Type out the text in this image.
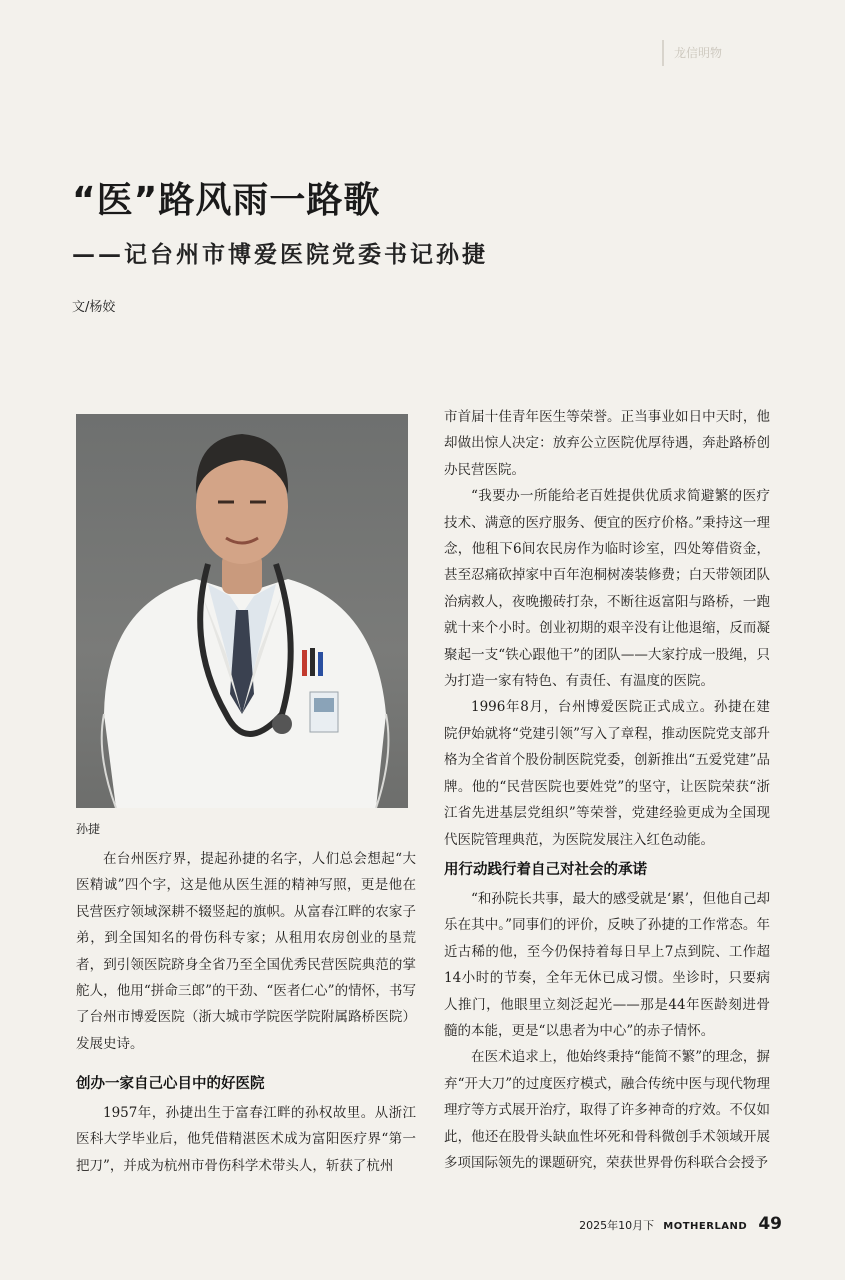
龙信明物
“医”路风雨一路歌
——记台州市博爱医院党委书记孙捷
文/杨姣
孙捷

在台州医疗界，提起孙捷的名字，人们总会想起“大医精诚”四个字，这是他从医生涯的精神写照，更是他在民营医疗领域深耕不辍竖起的旗帜。从富春江畔的农家子弟，到全国知名的骨伤科专家；从租用农房创业的垦荒者，到引领医院跻身全省乃至全国优秀民营医院典范的掌舵人，他用“拼命三郎”的干劲、“医者仁心”的情怀，书写了台州市博爱医院（浙大城市学院医学院附属路桥医院）发展史诗。

创办一家自己心目中的好医院

1957年，孙捷出生于富春江畔的孙权故里。从浙江医科大学毕业后，他凭借精湛医术成为富阳医疗界“第一把刀”，并成为杭州市骨伤科学术带头人，斩获了杭州

市首届十佳青年医生等荣誉。正当事业如日中天时，他却做出惊人决定：放弃公立医院优厚待遇，奔赴路桥创办民营医院。

“我要办一所能给老百姓提供优质求简避繁的医疗技术、满意的医疗服务、便宜的医疗价格。”秉持这一理念，他租下6间农民房作为临时诊室，四处筹借资金，甚至忍痛砍掉家中百年泡桐树凑装修费；白天带领团队治病救人，夜晚搬砖打杂，不断往返富阳与路桥，一跑就十来个小时。创业初期的艰辛没有让他退缩，反而凝聚起一支“铁心跟他干”的团队——大家拧成一股绳，只为打造一家有特色、有责任、有温度的医院。

1996年8月，台州博爱医院正式成立。孙捷在建院伊始就将“党建引领”写入了章程，推动医院党支部升格为全省首个股份制医院党委，创新推出“五爱党建”品牌。他的“民营医院也要姓党”的坚守，让医院荣获“浙江省先进基层党组织”等荣誉，党建经验更成为全国现代医院管理典范，为医院发展注入红色动能。

用行动践行着自己对社会的承诺

“和孙院长共事，最大的感受就是‘累’，但他自己却乐在其中。”同事们的评价，反映了孙捷的工作常态。年近古稀的他，至今仍保持着每日早上7点到院、工作超14小时的节奏，全年无休已成习惯。坐诊时，只要病人推门，他眼里立刻泛起光——那是44年医龄刻进骨髓的本能，更是“以患者为中心”的赤子情怀。

在医术追求上，他始终秉持“能简不繁”的理念，摒弃“开大刀”的过度医疗模式，融合传统中医与现代物理理疗等方式展开治疗，取得了许多神奇的疗效。不仅如此，他还在股骨头缺血性坏死和骨科微创手术领域开展多项国际领先的课题研究，荣获世界骨伤科联合会授予

2025年10月下 MOTHERLAND 49
